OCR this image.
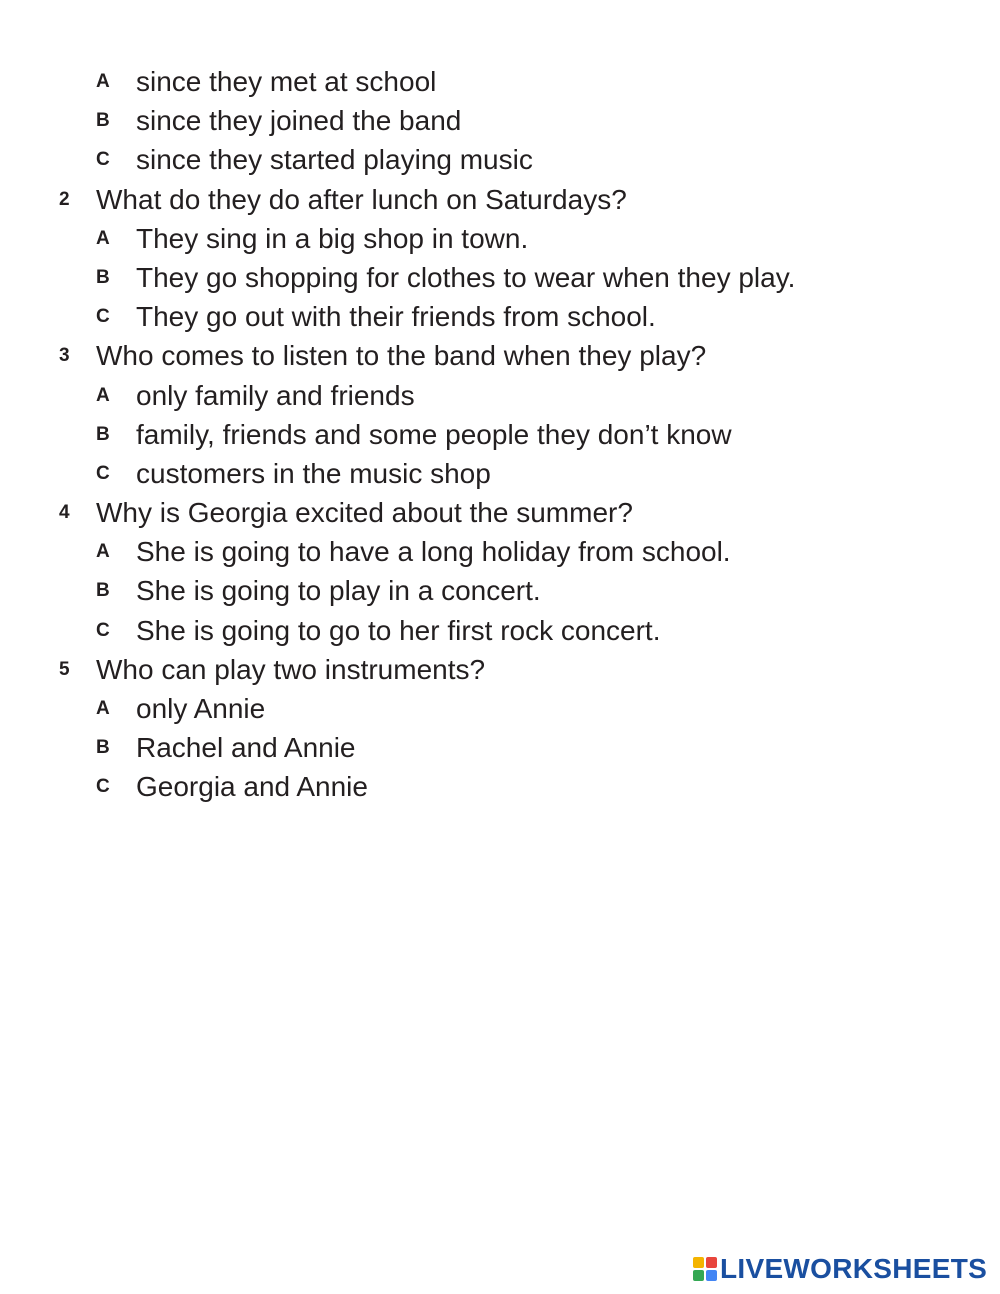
A since they met at school
B since they joined the band
C since they started playing music
2 What do they do after lunch on Saturdays?
A They sing in a big shop in town.
B They go shopping for clothes to wear when they play.
C They go out with their friends from school.
3 Who comes to listen to the band when they play?
A only family and friends
B family, friends and some people they don’t know
C customers in the music shop
4 Why is Georgia excited about the summer?
A She is going to have a long holiday from school.
B She is going to play in a concert.
C She is going to go to her first rock concert.
5 Who can play two instruments?
A only Annie
B Rachel and Annie
C Georgia and Annie
LIVEWORKSHEETS
